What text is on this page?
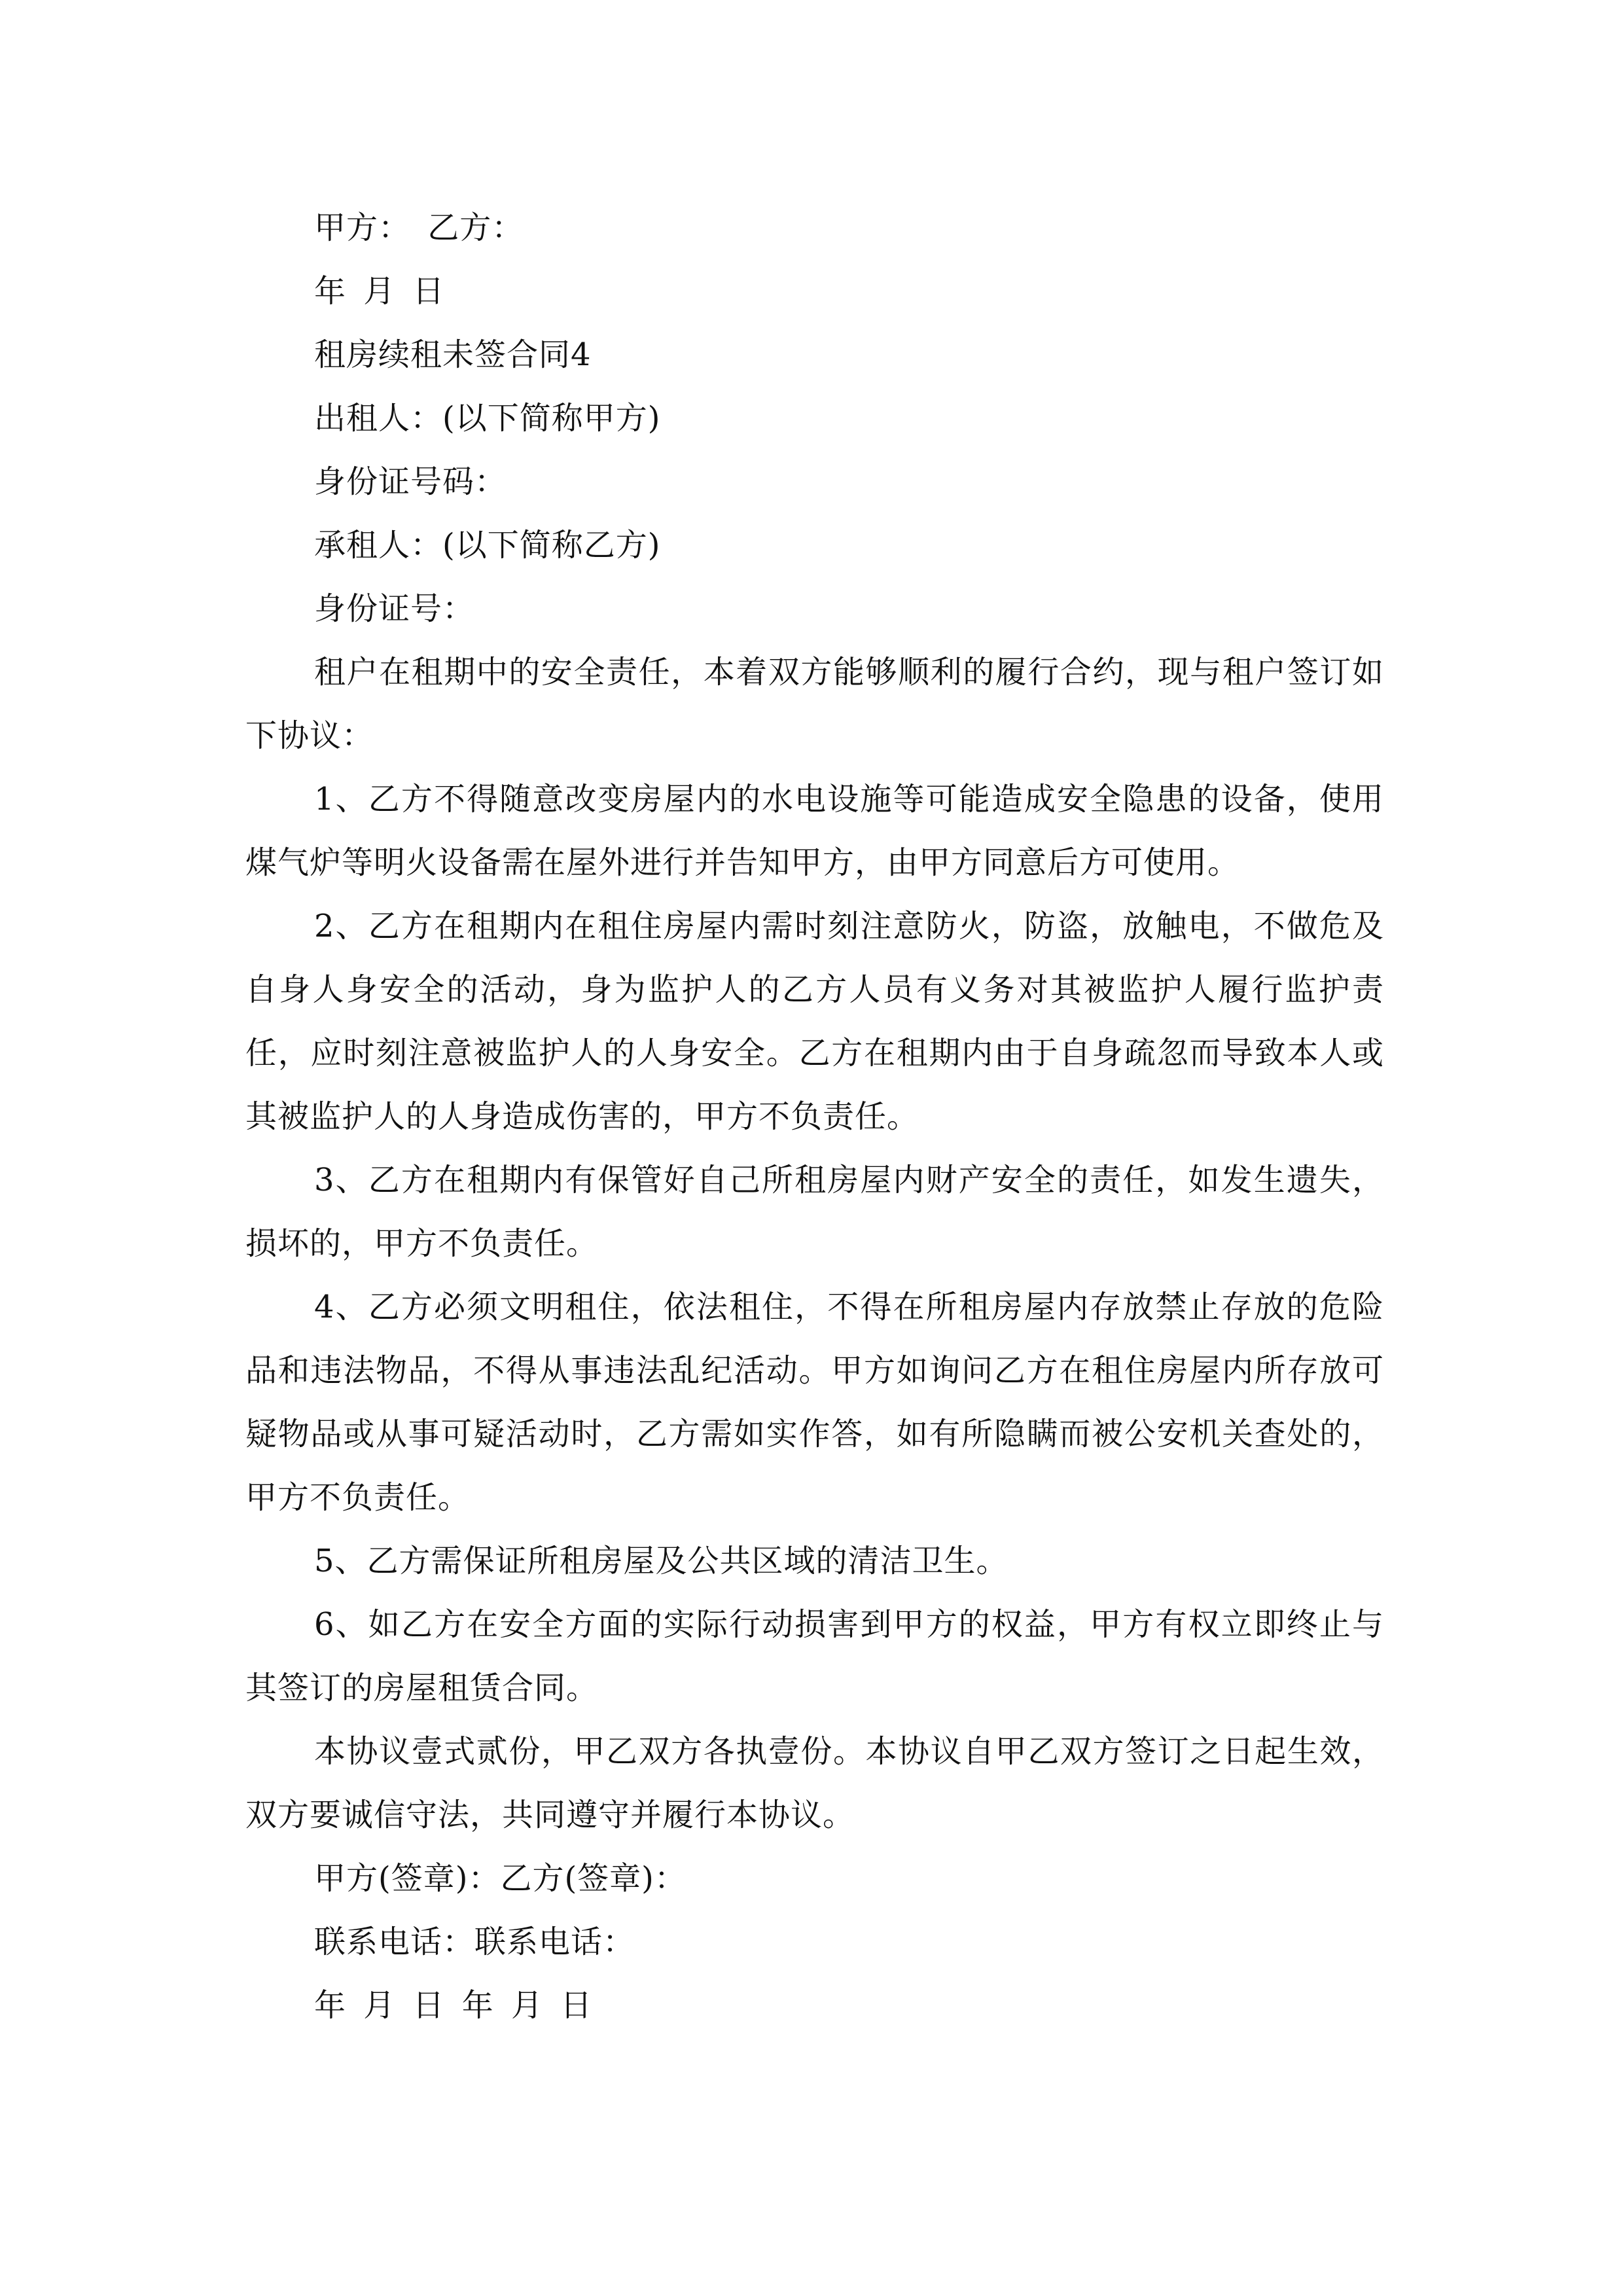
甲方： 乙方：

年 月 日

租房续租未签合同4

出租人：(以下简称甲方)

身份证号码：

承租人：(以下简称乙方)

身份证号：

租户在租期中的安全责任，本着双方能够顺利的履行合约，现与租户签订如下协议：

1、乙方不得随意改变房屋内的水电设施等可能造成安全隐患的设备，使用煤气炉等明火设备需在屋外进行并告知甲方，由甲方同意后方可使用。

2、乙方在租期内在租住房屋内需时刻注意防火，防盗，放触电，不做危及自身人身安全的活动，身为监护人的乙方人员有义务对其被监护人履行监护责任，应时刻注意被监护人的人身安全。乙方在租期内由于自身疏忽而导致本人或其被监护人的人身造成伤害的，甲方不负责任。

3、乙方在租期内有保管好自己所租房屋内财产安全的责任，如发生遗失，损坏的，甲方不负责任。

4、乙方必须文明租住，依法租住，不得在所租房屋内存放禁止存放的危险品和违法物品，不得从事违法乱纪活动。甲方如询问乙方在租住房屋内所存放可疑物品或从事可疑活动时，乙方需如实作答，如有所隐瞒而被公安机关查处的，甲方不负责任。

5、乙方需保证所租房屋及公共区域的清洁卫生。

6、如乙方在安全方面的实际行动损害到甲方的权益，甲方有权立即终止与其签订的房屋租赁合同。

本协议壹式贰份，甲乙双方各执壹份。本协议自甲乙双方签订之日起生效，双方要诚信守法，共同遵守并履行本协议。

甲方(签章)：乙方(签章)：

联系电话：联系电话：

年 月 日 年 月 日
